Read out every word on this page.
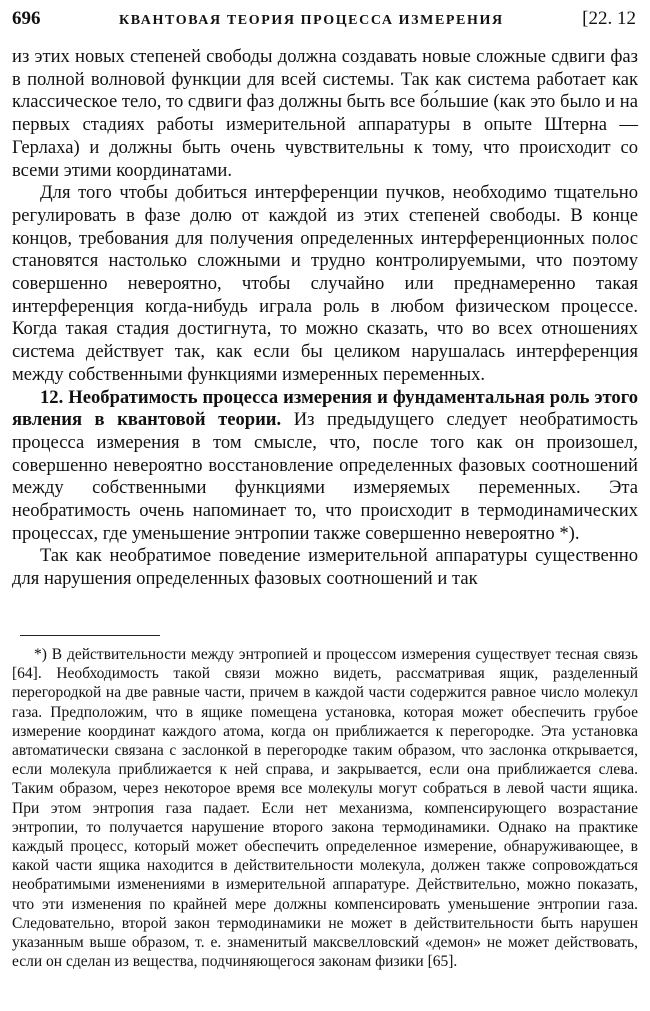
696	КВАНТОВАЯ ТЕОРИЯ ПРОЦЕССА ИЗМЕРЕНИЯ	[22. 12

из этих новых степеней свободы должна создавать новые сложные сдвиги фаз в полной волновой функции для всей системы. Так как система работает как классическое тело, то сдвиги фаз должны быть все бо́льшие (как это было и на первых стадиях работы измерительной аппаратуры в опыте Штерна — Герлаха) и должны быть очень чувствительны к тому, что происходит со всеми этими координатами.

Для того чтобы добиться интерференции пучков, необходимо тщательно регулировать в фазе долю от каждой из этих степеней свободы. В конце концов, требования для получения определенных интерференционных полос становятся настолько сложными и трудно контролируемыми, что поэтому совершенно невероятно, чтобы случайно или преднамеренно такая интерференция когда-нибудь играла роль в любом физическом процессе. Когда такая стадия достигнута, то можно сказать, что во всех отношениях система действует так, как если бы целиком нарушалась интерференция между собственными функциями измеренных переменных.

12. Необратимость процесса измерения и фундаментальная роль этого явления в квантовой теории. Из предыдущего следует необратимость процесса измерения в том смысле, что, после того как он произошел, совершенно невероятно восстановление определенных фазовых соотношений между собственными функциями измеряемых переменных. Эта необратимость очень напоминает то, что происходит в термодинамических процессах, где уменьшение энтропии также совершенно невероятно *).

Так как необратимое поведение измерительной аппаратуры существенно для нарушения определенных фазовых соотношений и так

*) В действительности между энтропией и процессом измерения существует тесная связь [64]. Необходимость такой связи можно видеть, рассматривая ящик, разделенный перегородкой на две равные части, причем в каждой части содержится равное число молекул газа. Предположим, что в ящике помещена установка, которая может обеспечить грубое измерение координат каждого атома, когда он приближается к перегородке. Эта установка автоматически связана с заслонкой в перегородке таким образом, что заслонка открывается, если молекула приближается к ней справа, и закрывается, если она приближается слева. Таким образом, через некоторое время все молекулы могут собраться в левой части ящика. При этом энтропия газа падает. Если нет механизма, компенсирующего возрастание энтропии, то получается нарушение второго закона термодинамики. Однако на практике каждый процесс, который может обеспечить определенное измерение, обнаруживающее, в какой части ящика находится в действительности молекула, должен также сопровождаться необратимыми изменениями в измерительной аппаратуре. Действительно, можно показать, что эти изменения по крайней мере должны компенсировать уменьшение энтропии газа. Следовательно, второй закон термодинамики не может в действительности быть нарушен указанным выше образом, т. е. знаменитый максвелловский «демон» не может действовать, если он сделан из вещества, подчиняющегося законам физики [65].
